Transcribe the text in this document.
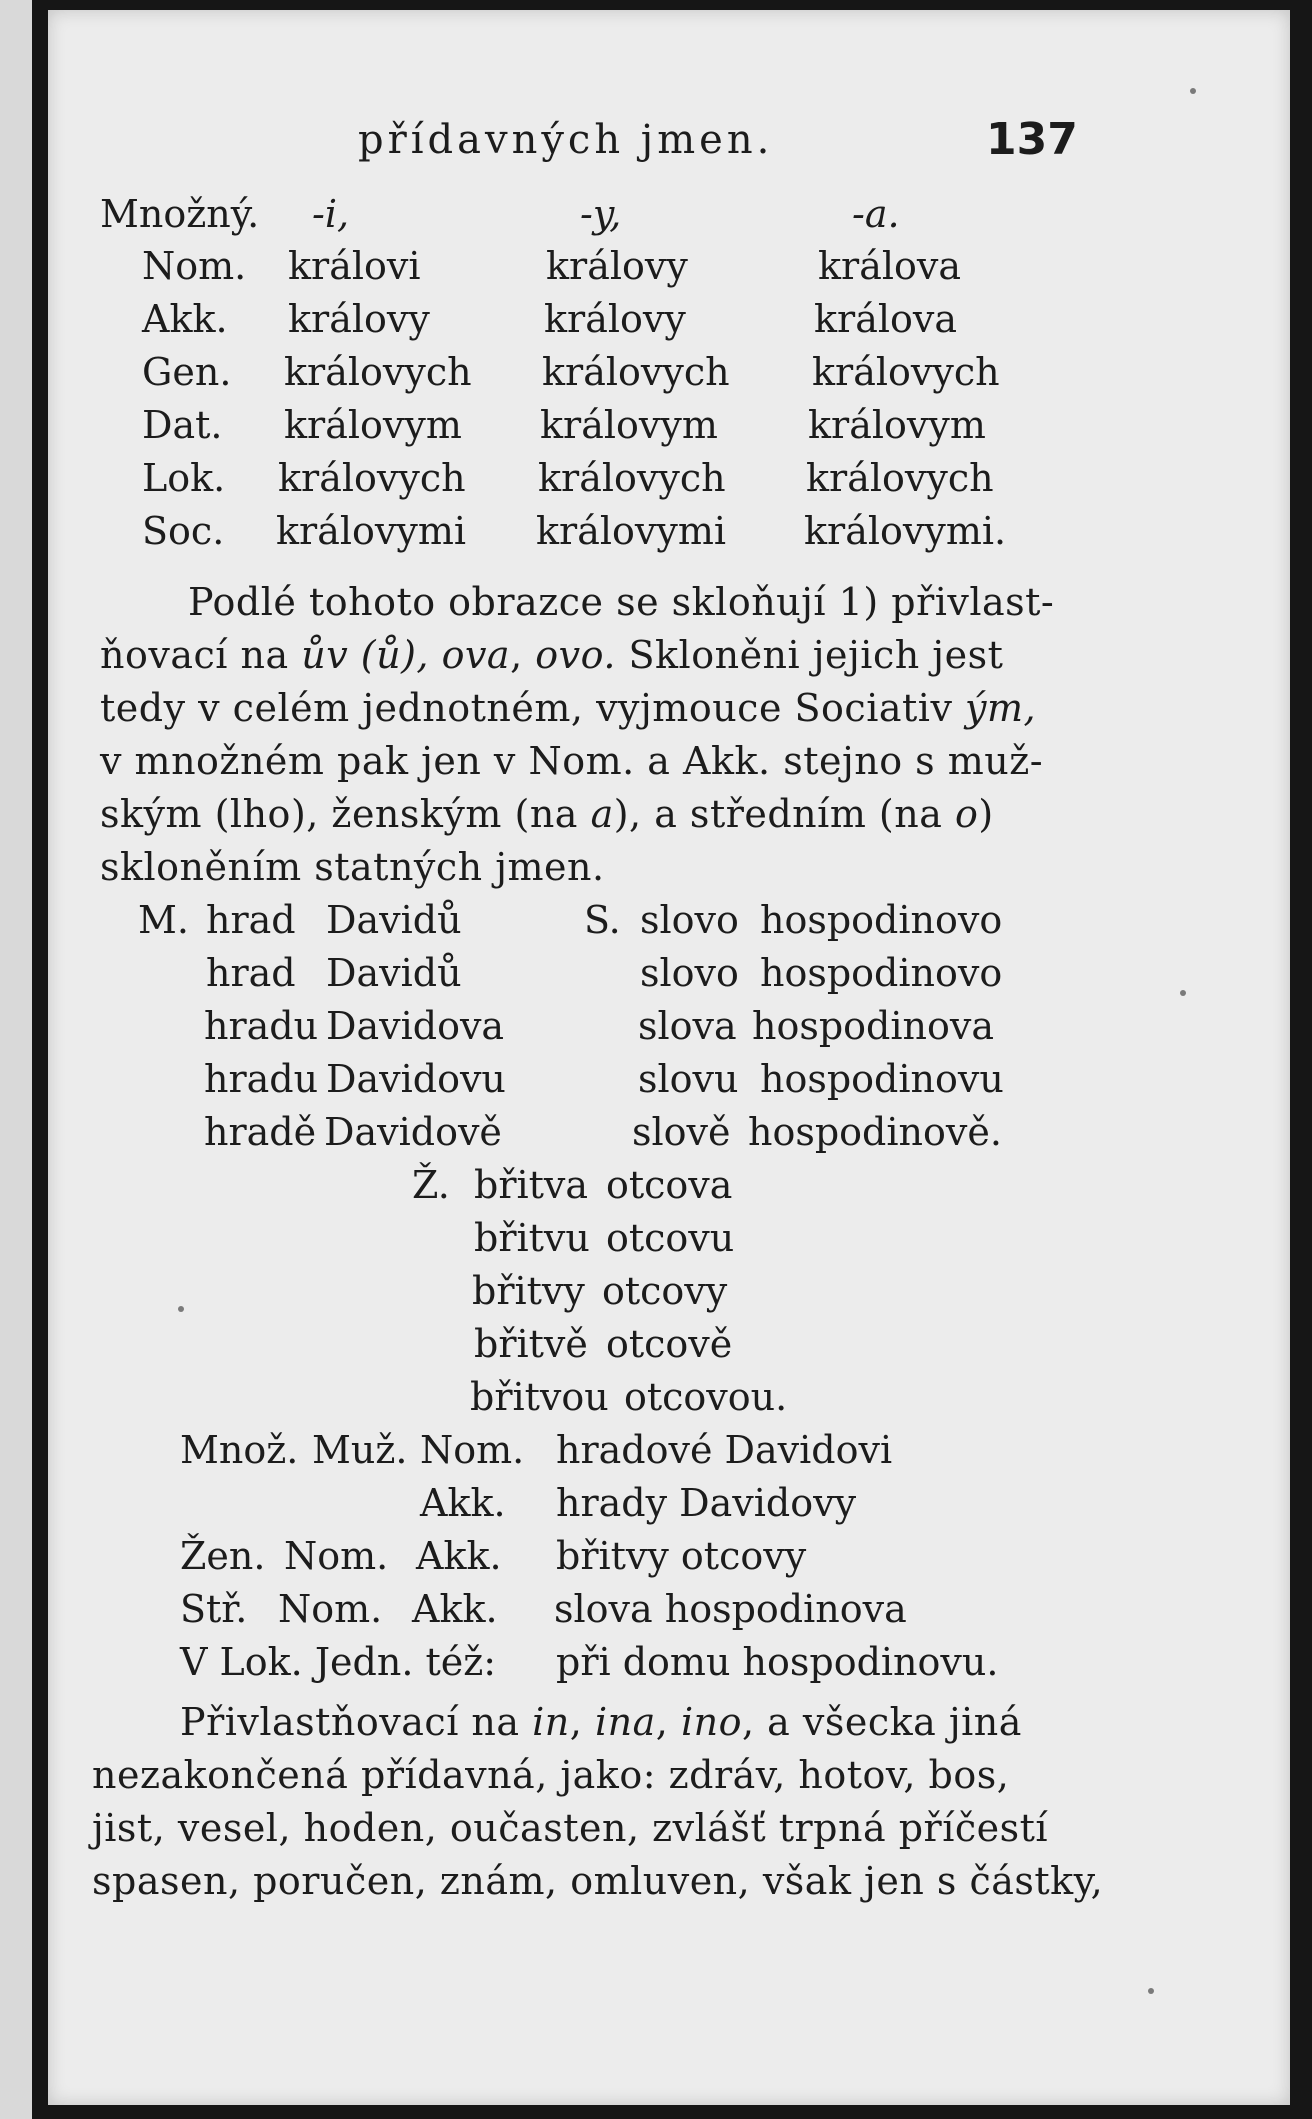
přídavných jmen.	137
Množný. -i,	-y,	-a.
Nom. královi	královy	králova
Akk. královy	královy	králova
Gen. královych královych královych
Dat. královym královym královym
Lok. královych královych královych
Soc. královymi královymi královymi.
Podlé tohoto obrazce se skloňují 1) přivlast-
ňovací na ův (ů), ova, ovo. Skloněni jejich jest
tedy v celém jednotném, vyjmouce Sociativ ým,
v množném pak jen v Nom. a Akk. stejno s muž-
ským (lho), ženským (na a), a středním (na o)
skloněním statných jmen.
M. hrad Davidů	S. slovo hospodinovo
hrad Davidů	slovo hospodinovo
hradu Davidova	slova hospodinova
hradu Davidovu	slovu hospodinovu
hradě Davidově	slově hospodinově.
Ž. břitva otcova
břitvu otcovu
břitvy otcovy
břitvě otcově
břitvou otcovou.
Množ. Muž. Nom. hradové Davidovi
Akk. hrady Davidovy
Žen. Nom. Akk. břitvy otcovy
Stř. Nom. Akk. slova hospodinova
V Lok. Jedn. též: při domu hospodinovu.
Přivlastňovací na in, ina, ino, a všecka jiná
nezakončená přídavná, jako: zdráv, hotov, bos,
jist, vesel, hoden, oučasten, zvlášť trpná příčestí
spasen, poručen, znám, omluven, však jen s částky,
